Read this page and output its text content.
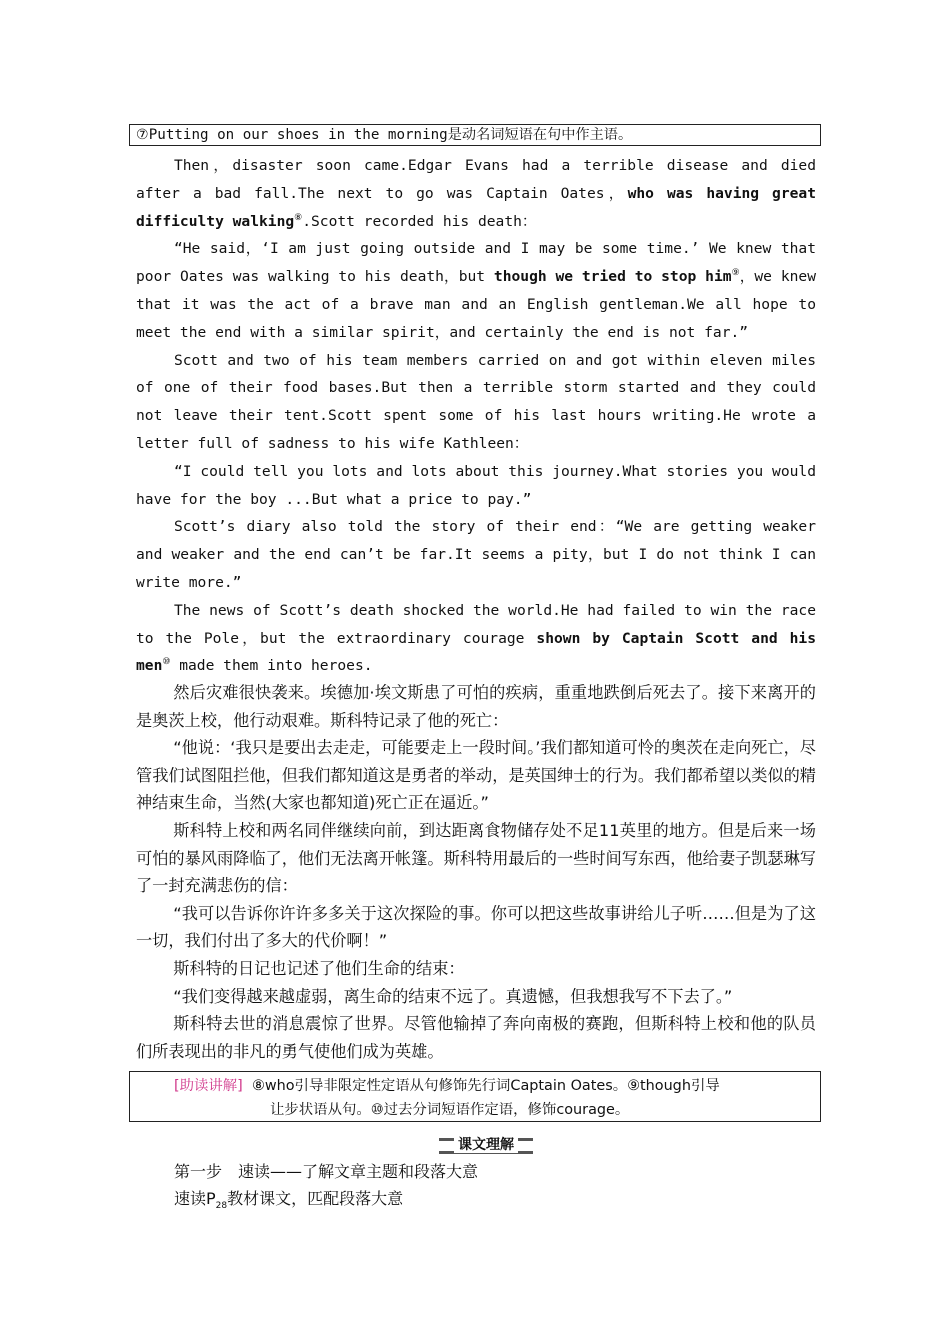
⑦Putting on our shoes in the morning是动名词短语在句中作主语。

Then，disaster soon came.Edgar Evans had a terrible disease and died after a bad fall.The next to go was Captain Oates，who was having great difficulty walking⑧.Scott recorded his death：

“He said，‘I am just going outside and I may be some time.’ We knew that poor Oates was walking to his death，but though we tried to stop him⑨，we knew that it was the act of a brave man and an English gentleman.We all hope to meet the end with a similar spirit，and certainly the end is not far.”

Scott and two of his team members carried on and got within eleven miles of one of their food bases.But then a terrible storm started and they could not leave their tent.Scott spent some of his last hours writing.He wrote a letter full of sadness to his wife Kathleen：

“I could tell you lots and lots about this journey.What stories you would have for the boy ...But what a price to pay.”

Scott’s diary also told the story of their end：“We are getting weaker and weaker and the end can’t be far.It seems a pity，but I do not think I can write more.”

The news of Scott’s death shocked the world.He had failed to win the race to the Pole，but the extraordinary courage shown by Captain Scott and his men⑩ made them into heroes.

然后灾难很快袭来。埃德加·埃文斯患了可怕的疾病，重重地跌倒后死去了。接下来离开的是奥茨上校，他行动艰难。斯科特记录了他的死亡：

“他说：‘我只是要出去走走，可能要走上一段时间。’我们都知道可怜的奥茨在走向死亡，尽管我们试图阻拦他，但我们都知道这是勇者的举动，是英国绅士的行为。我们都希望以类似的精神结束生命，当然(大家也都知道)死亡正在逼近。”

斯科特上校和两名同伴继续向前，到达距离食物储存处不足11英里的地方。但是后来一场可怕的暴风雨降临了，他们无法离开帐篷。斯科特用最后的一些时间写东西，他给妻子凯瑟琳写了一封充满悲伤的信：

“我可以告诉你许许多多关于这次探险的事。你可以把这些故事讲给儿子听……但是为了这一切，我们付出了多大的代价啊！”

斯科特的日记也记述了他们生命的结束：

“我们变得越来越虚弱，离生命的结束不远了。真遗憾，但我想我写不下去了。”

斯科特去世的消息震惊了世界。尽管他输掉了奔向南极的赛跑，但斯科特上校和他的队员们所表现出的非凡的勇气使他们成为英雄。

[助读讲解] ⑧who引导非限定性定语从句修饰先行词Captain Oates。⑨though引导
让步状语从句。⑩过去分词短语作定语，修饰courage。
课文理解
第一步　速读——了解文章主题和段落大意
速读$P_{28}$教材课文，匹配段落大意
